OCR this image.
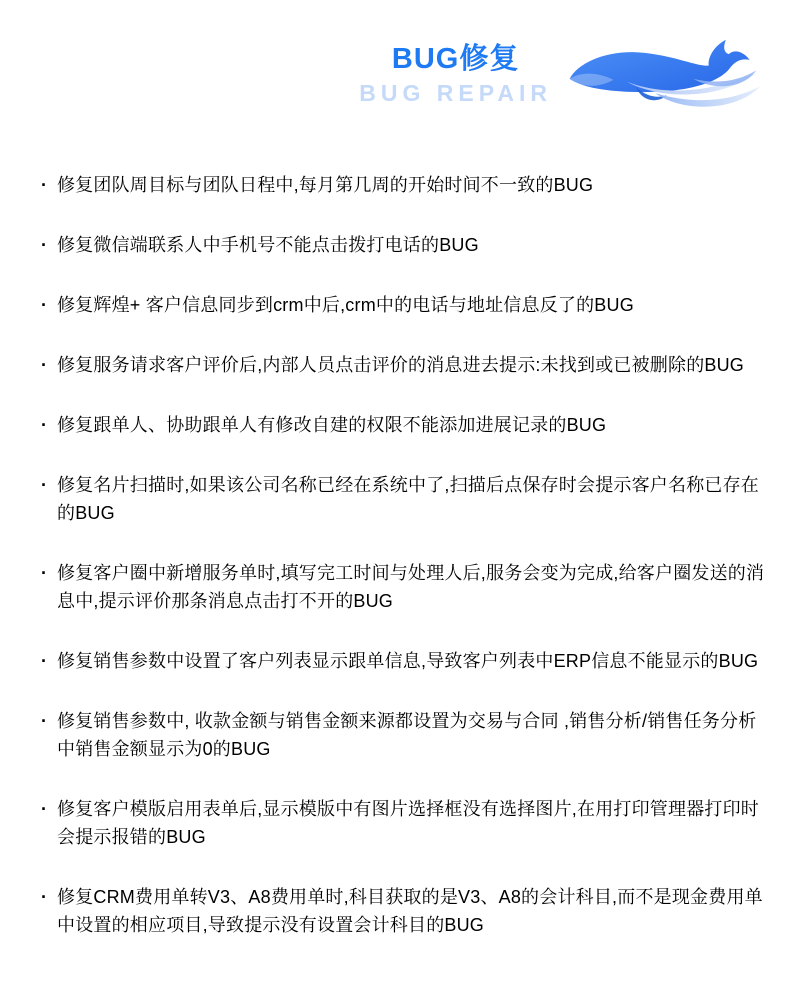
BUG修复
BUG REPAIR
· 修复团队周目标与团队日程中,每月第几周的开始时间不一致的BUG
· 修复微信端联系人中手机号不能点击拨打电话的BUG
· 修复辉煌+ 客户信息同步到crm中后,crm中的电话与地址信息反了的BUG
· 修复服务请求客户评价后,内部人员点击评价的消息进去提示:未找到或已被删除的BUG
· 修复跟单人、协助跟单人有修改自建的权限不能添加进展记录的BUG
· 修复名片扫描时,如果该公司名称已经在系统中了,扫描后点保存时会提示客户名称已存在的BUG
· 修复客户圈中新增服务单时,填写完工时间与处理人后,服务会变为完成,给客户圈发送的消息中,提示评价那条消息点击打不开的BUG
· 修复销售参数中设置了客户列表显示跟单信息,导致客户列表中ERP信息不能显示的BUG
· 修复销售参数中, 收款金额与销售金额来源都设置为交易与合同 ,销售分析/销售任务分析中销售金额显示为0的BUG
· 修复客户模版启用表单后,显示模版中有图片选择框没有选择图片,在用打印管理器打印时会提示报错的BUG
· 修复CRM费用单转V3、A8费用单时,科目获取的是V3、A8的会计科目,而不是现金费用单中设置的相应项目,导致提示没有设置会计科目的BUG
